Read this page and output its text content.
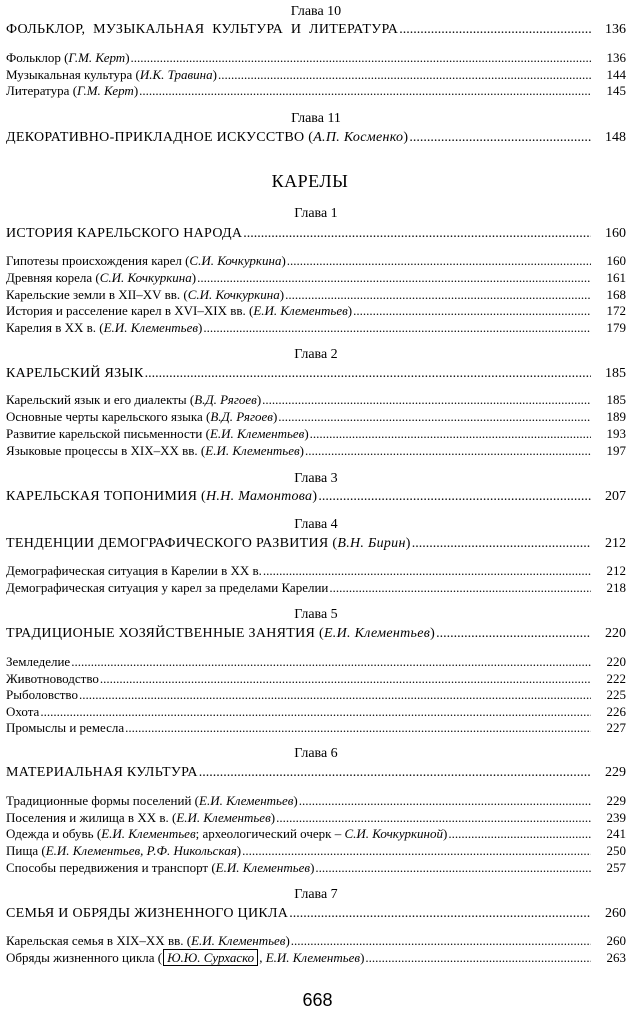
Глава 10
ФОЛЬКЛОР, МУЗЫКАЛЬНАЯ КУЛЬТУРА И ЛИТЕРАТУРА .....	136
Фольклор (Г.М. Керт) .....	136
Музыкальная культура (И.К. Травина) .....	144
Литература (Г.М. Керт) .....	145
Глава 11
ДЕКОРАТИВНО-ПРИКЛАДНОЕ ИСКУССТВО (А.П. Косменко) .....	148
Глава 1
ИСТОРИЯ КАРЕЛЬСКОГО НАРОДА .....	160
Гипотезы происхождения карел (С.И. Кочкуркина) .....	160
Древняя корела (С.И. Кочкуркина) .....	161
Карельские земли в XII–XV вв. (С.И. Кочкуркина) .....	168
История и расселение карел в XVI–XIX вв. (Е.И. Клементьев) .....	172
Карелия в XX в. (Е.И. Клементьев) .....	179
Глава 2
КАРЕЛЬСКИЙ ЯЗЫК .....	185
Карельский язык и его диалекты (В.Д. Рягоев) .....	185
Основные черты карельского языка (В.Д. Рягоев) .....	189
Развитие карельской письменности (Е.И. Клементьев) .....	193
Языковые процессы в XIX–XX вв. (Е.И. Клементьев) .....	197
Глава 3
КАРЕЛЬСКАЯ ТОПОНИМИЯ (Н.Н. Мамонтова) .....	207
Глава 4
ТЕНДЕНЦИИ ДЕМОГРАФИЧЕСКОГО РАЗВИТИЯ (В.Н. Бирин) .....	212
Демографическая ситуация в Карелии в XX в. .....	212
Демографическая ситуация у карел за пределами Карелии .....	218
Глава 5
ТРАДИЦИОНЫЕ ХОЗЯЙСТВЕННЫЕ ЗАНЯТИЯ (Е.И. Клементьев) .....	220
Земледелие .....	220
Животноводство .....	222
Рыболовство .....	225
Охота .....	226
Промыслы и ремесла .....	227
Глава 6
МАТЕРИАЛЬНАЯ КУЛЬТУРА .....	229
Традиционные формы поселений (Е.И. Клементьев) .....	229
Поселения и жилища в XX в. (Е.И. Клементьев) .....	239
Одежда и обувь (Е.И. Клементьев; археологический очерк – С.И. Кочкуркиной) .....	241
Пища (Е.И. Клементьев, Р.Ф. Никольская) .....	250
Способы передвижения и транспорт (Е.И. Клементьев) .....	257
Глава 7
СЕМЬЯ И ОБРЯДЫ ЖИЗНЕННОГО ЦИКЛА .....	260
Карельская семья в XIX–XX вв. (Е.И. Клементьев) .....	260
Обряды жизненного цикла ( Ю.Ю. Сурхаско , Е.И. Клементьев) .....	263
КАРЕЛЫ
668
